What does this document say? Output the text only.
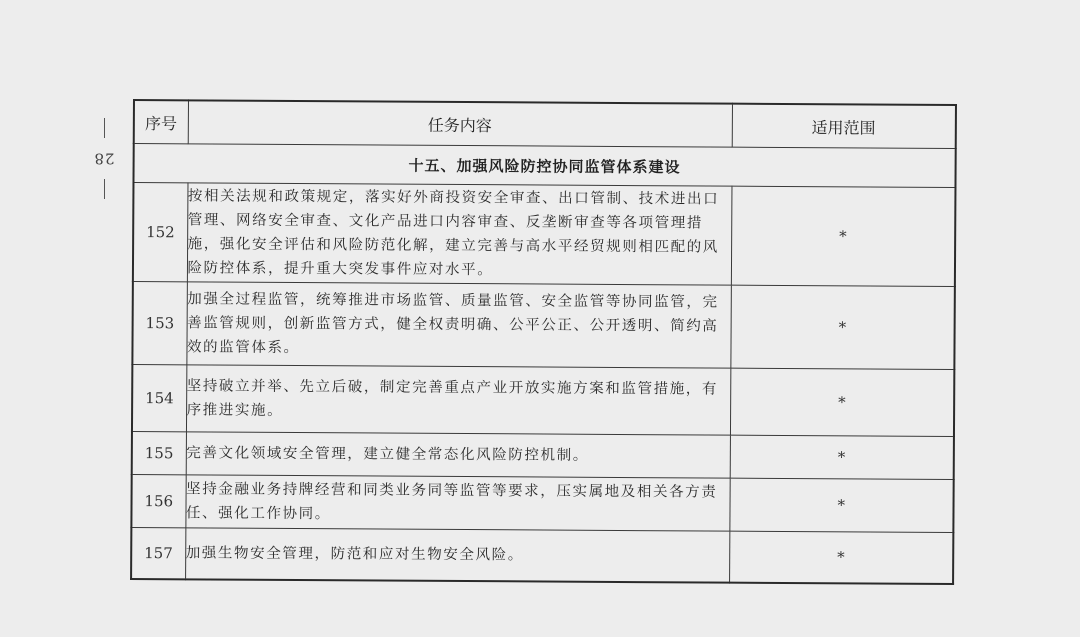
28
序号	任务内容	适用范围
十五、加强风险防控协同监管体系建设		
152	按相关法规和政策规定，落实好外商投资安全审查、出口管制、技术进出口管理、网络安全审查、文化产品进口内容审查、反垄断审查等各项管理措施，强化安全评估和风险防范化解，建立完善与高水平经贸规则相匹配的风险防控体系，提升重大突发事件应对水平。	*
153	加强全过程监管，统筹推进市场监管、质量监管、安全监管等协同监管，完善监管规则，创新监管方式，健全权责明确、公平公正、公开透明、简约高效的监管体系。	*
154	坚持破立并举、先立后破，制定完善重点产业开放实施方案和监管措施，有序推进实施。	*
155	完善文化领域安全管理，建立健全常态化风险防控机制。	*
156	坚持金融业务持牌经营和同类业务同等监管等要求，压实属地及相关各方责任、强化工作协同。	*
157	加强生物安全管理，防范和应对生物安全风险。	*
